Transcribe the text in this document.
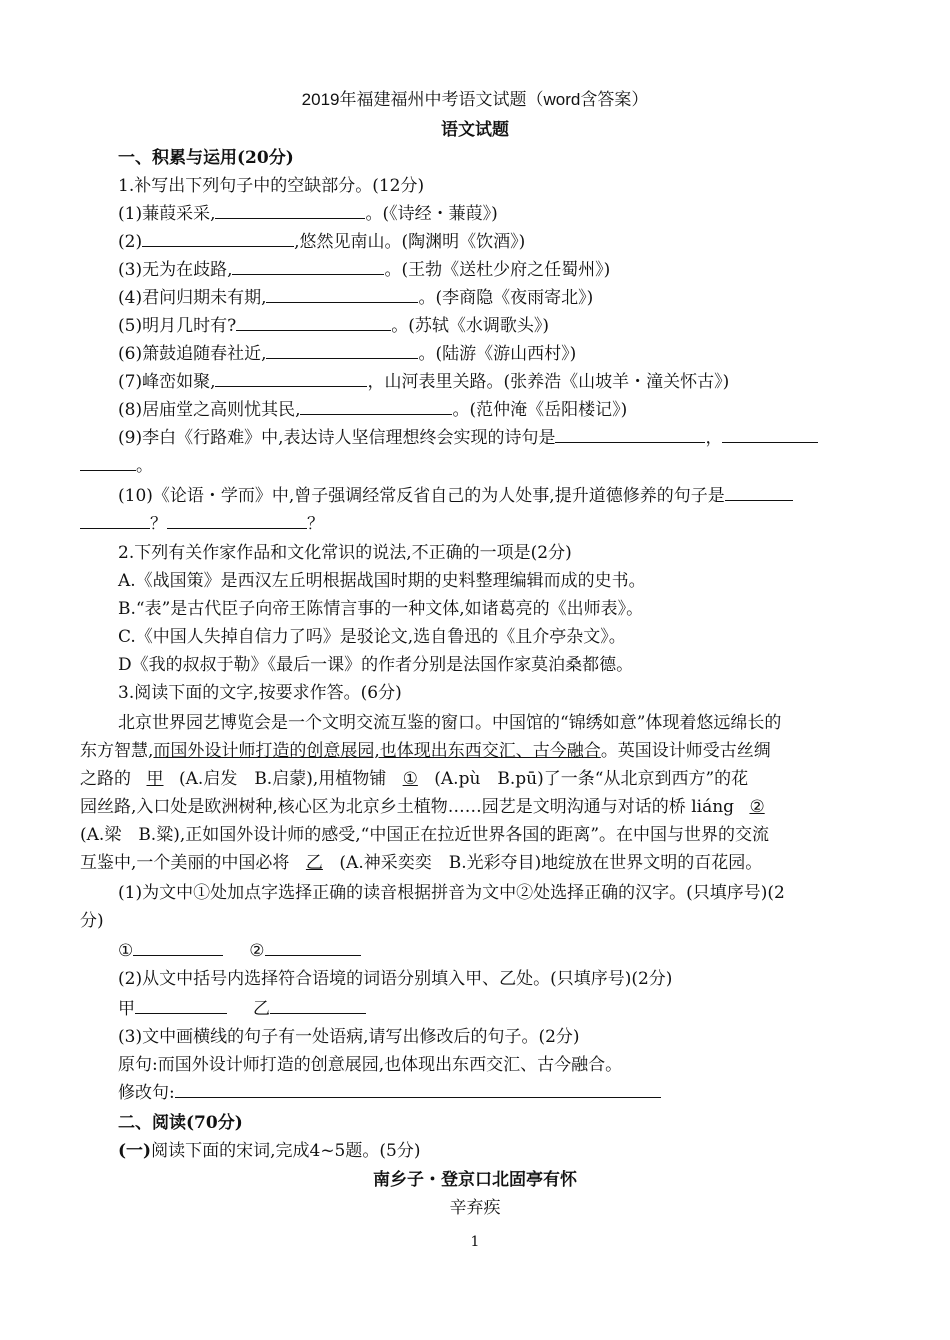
2019年福建福州中考语文试题（word含答案）
语文试题
一、积累与运用(20分)
1.补写出下列句子中的空缺部分。(12分)
(1)蒹葭采采,	。(《诗经・蒹葭》)
(2)	,悠然见南山。(陶渊明《饮酒》)
(3)无为在歧路,	。(王勃《送杜少府之任蜀州》)
(4)君问归期未有期,	。(李商隐《夜雨寄北》)
(5)明月几时有?	。(苏轼《水调歌头》)
(6)箫鼓追随春社近,	。(陆游《游山西村》)
(7)峰峦如聚,	，山河表里关路。(张养浩《山坡羊・潼关怀古》)
(8)居庙堂之高则忧其民,	。(范仲淹《岳阳楼记》)
(9)李白《行路难》中,表达诗人坚信理想终会实现的诗句是	，
。
(10)《论语・学而》中,曾子强调经常反省自己的为人处事,提升道德修养的句子是
？	？
2.下列有关作家作品和文化常识的说法,不正确的一项是(2分)
A.《战国策》是西汉左丘明根据战国时期的史料整理编辑而成的史书。
B.“表”是古代臣子向帝王陈情言事的一种文体,如诸葛亮的《出师表》。
C.《中国人失掉自信力了吗》是驳论文,选自鲁迅的《且介亭杂文》。
D《我的叔叔于勒》《最后一课》的作者分别是法国作家莫泊桑都德。
3.阅读下面的文字,按要求作答。(6分)
北京世界园艺博览会是一个文明交流互鉴的窗口。中国馆的“锦绣如意”体现着悠远绵长的
东方智慧,而国外设计师打造的创意展园,也体现出东西交汇、古今融合。英国设计师受古丝绸
之路的 甲 (A.启发　B.启蒙),用植物铺 ① (A.pù　B.pū)了一条“从北京到西方”的花
园丝路,入口处是欧洲树种,核心区为北京乡土植物……园艺是文明沟通与对话的桥 liáng ②
(A.梁　B.粱),正如国外设计师的感受,“中国正在拉近世界各国的距离”。在中国与世界的交流
互鉴中,一个美丽的中国必将 乙 (A.神采奕奕　B.光彩夺目)地绽放在世界文明的百花园。
(1)为文中①处加点字选择正确的读音根据拼音为文中②处选择正确的汉字。(只填序号)(2
分)
①	②
(2)从文中括号内选择符合语境的词语分别填入甲、乙处。(只填序号)(2分)
甲	乙
(3)文中画横线的句子有一处语病,请写出修改后的句子。(2分)
原句:而国外设计师打造的创意展园,也体现出东西交汇、古今融合。
修改句:
二、阅读(70分)
(一)阅读下面的宋词,完成4~5题。(5分)
南乡子・登京口北固亭有怀
辛弃疾
1
